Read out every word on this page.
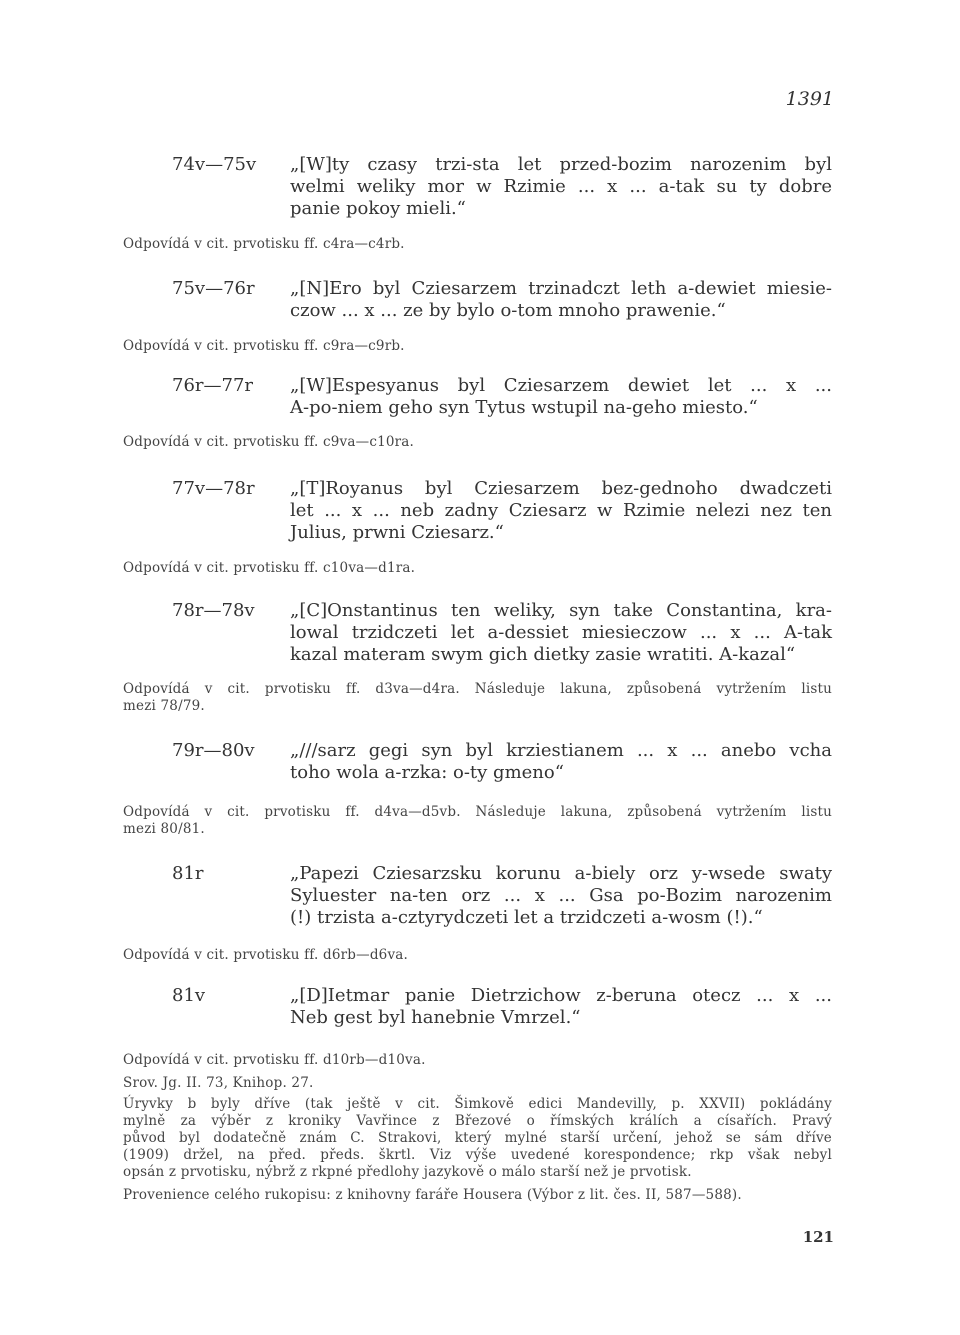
1391
74v—75v „[W]ty czasy trzi-sta let przed-bozim narozenim byl
welmi weliky mor w Rzimie ... x ... a-tak su ty dobre
panie pokoy mieli.“
Odpovídá v cit. prvotisku ff. c4ra—c4rb.
75v—76r „[N]Ero byl Cziesarzem trzinadczt leth a-dewiet miesie-
czow ... x ... ze by bylo o-tom mnoho prawenie.“
Odpovídá v cit. prvotisku ff. c9ra—c9rb.
76r—77r „[W]Espesyanus byl Cziesarzem dewiet let ... x ...
A-po-niem geho syn Tytus wstupil na-geho miesto.“
Odpovídá v cit. prvotisku ff. c9va—c10ra.
77v—78r „[T]Royanus byl Cziesarzem bez-gednoho dwadczeti
let ... x ... neb zadny Cziesarz w Rzimie nelezi nez ten
Julius, prwni Cziesarz.“
Odpovídá v cit. prvotisku ff. c10va—d1ra.
78r—78v „[C]Onstantinus ten weliky, syn take Constantina, kra-
lowal trzidczeti let a-dessiet miesieczow ... x ... A-tak
kazal materam swym gich dietky zasie wratiti. A-kazal“
Odpovídá v cit. prvotisku ff. d3va—d4ra. Následuje lakuna, způsobená vytržením listu
mezi 78/79.
79r—80v „///sarz gegi syn byl krziestianem ... x ... anebo vcha
toho wola a-rzka: o-ty gmeno“
Odpovídá v cit. prvotisku ff. d4va—d5vb. Následuje lakuna, způsobená vytržením listu
mezi 80/81.
81r	„Papezi Cziesarzsku korunu a-biely orz y-wsede swaty
Syluester na-ten orz ... x ... Gsa po-Bozim narozenim
(!) trzista a-cztyrydczeti let a trzidczeti a-wosm (!).“
Odpovídá v cit. prvotisku ff. d6rb—d6va.
81v	„[D]Ietmar panie Dietrzichow z-beruna otecz ... x ...
Neb gest byl hanebnie Vmrzel.“
Odpovídá v cit. prvotisku ff. d10rb—d10va.
Srov. Jg. II. 73, Knihop. 27.
Úryvky b byly dříve (tak ještě v cit. Šimkově edici Mandevilly, p. XXVII) pokládány
mylně za výběr z kroniky Vavřince z Březové o římských králích a císařích. Pravý
původ byl dodatečně znám C. Strakovi, který mylné starší určení, jehož se sám dříve
(1909) držel, na před. předs. škrtl. Viz výše uvedené korespondence; rkp však nebyl
opsán z prvotisku, nýbrž z rkpné předlohy jazykově o málo starší než je prvotisk.
Provenience celého rukopisu: z knihovny faráře Housera (Výbor z lit. čes. II, 587—588).
121
